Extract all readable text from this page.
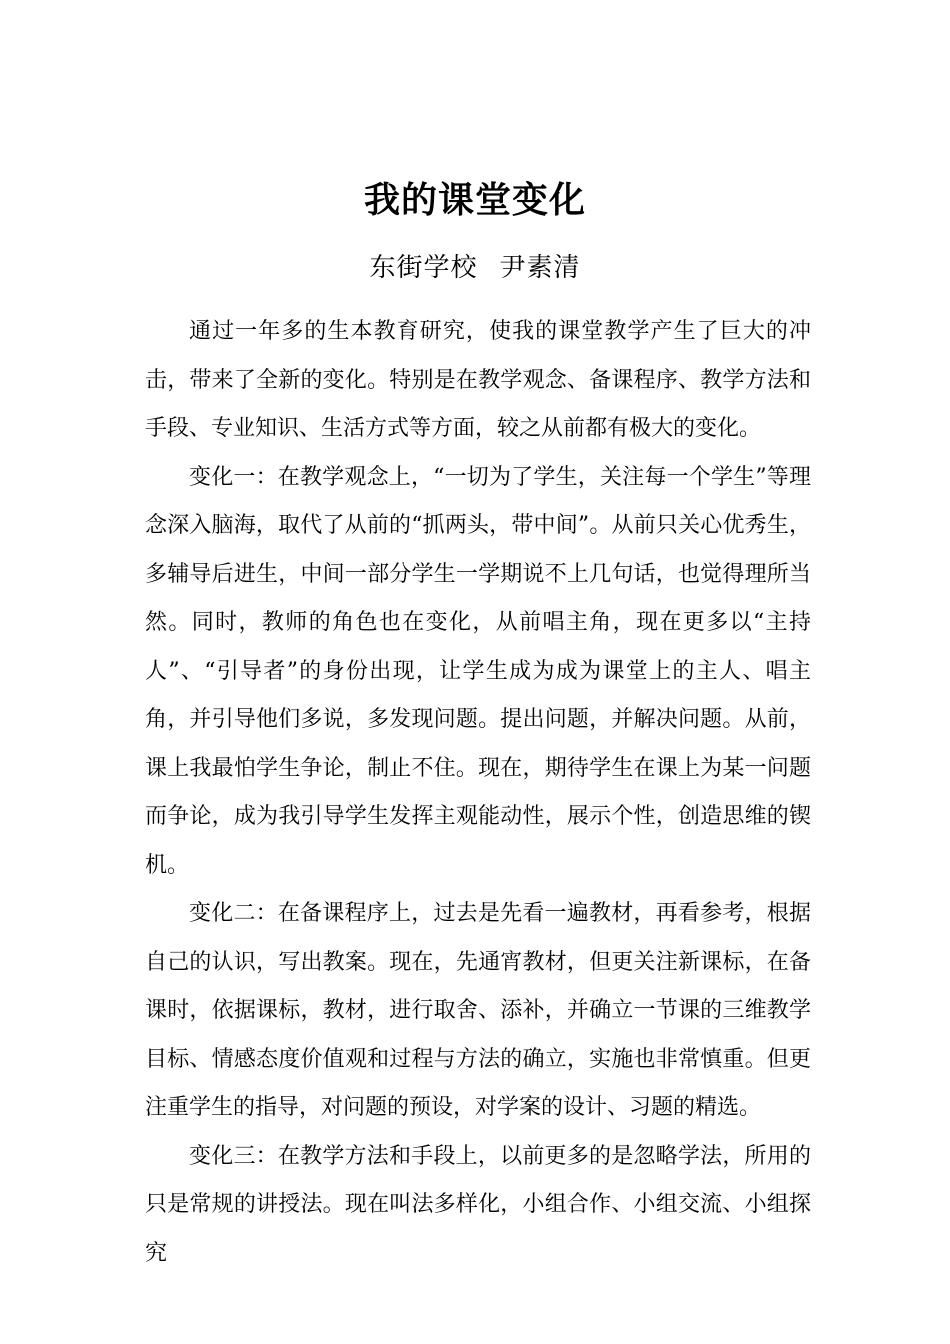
我的课堂变化
东街学校 尹素清

通过一年多的生本教育研究，使我的课堂教学产生了巨大的冲击，带来了全新的变化。特别是在教学观念、备课程序、教学方法和手段、专业知识、生活方式等方面，较之从前都有极大的变化。

变化一：在教学观念上，“一切为了学生，关注每一个学生”等理念深入脑海，取代了从前的“抓两头，带中间”。从前只关心优秀生，多辅导后进生，中间一部分学生一学期说不上几句话，也觉得理所当然。同时，教师的角色也在变化，从前唱主角，现在更多以“主持人”、“引导者”的身份出现，让学生成为成为课堂上的主人、唱主角，并引导他们多说，多发现问题。提出问题，并解决问题。从前，课上我最怕学生争论，制止不住。现在，期待学生在课上为某一问题而争论，成为我引导学生发挥主观能动性，展示个性，创造思维的锲机。

变化二：在备课程序上，过去是先看一遍教材，再看参考，根据自己的认识，写出教案。现在，先通宵教材，但更关注新课标，在备课时，依据课标，教材，进行取舍、添补，并确立一节课的三维教学目标、情感态度价值观和过程与方法的确立，实施也非常慎重。但更注重学生的指导，对问题的预设，对学案的设计、习题的精选。

变化三：在教学方法和手段上，以前更多的是忽略学法，所用的只是常规的讲授法。现在叫法多样化，小组合作、小组交流、小组探究
